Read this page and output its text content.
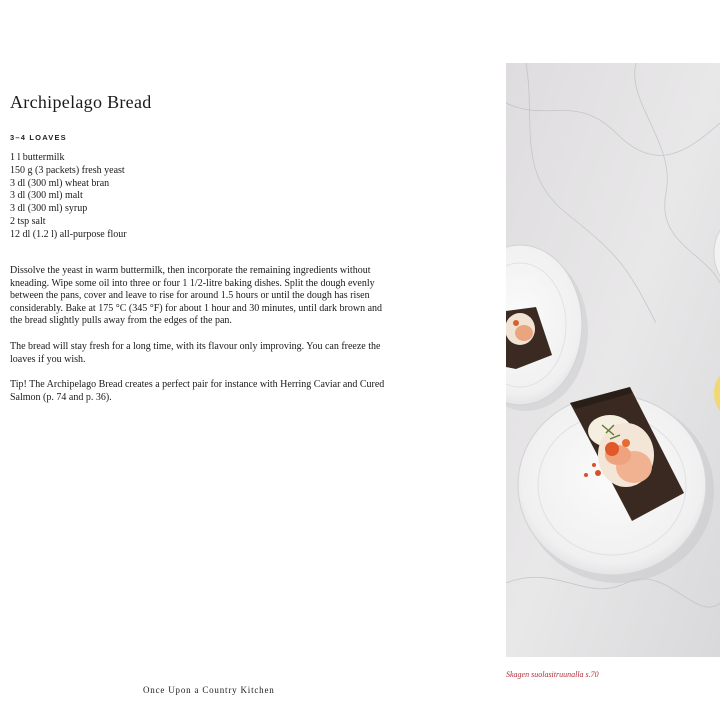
Archipelago Bread
3–4 LOAVES
1 l buttermilk
150 g (3 packets) fresh yeast
3 dl (300 ml) wheat bran
3 dl (300 ml) malt
3 dl (300 ml) syrup
2 tsp salt
12 dl (1.2 l) all-purpose flour

Dissolve the yeast in warm buttermilk, then incorporate the remaining ingredients without kneading. Wipe some oil into three or four 1 1/2-litre baking dishes. Split the dough evenly between the pans, cover and leave to rise for around 1.5 hours or until the dough has risen considerably. Bake at 175 °C (345 °F) for about 1 hour and 30 minutes, until dark brown and the bread slightly pulls away from the edges of the pan.

The bread will stay fresh for a long time, with its flavour only improving. You can freeze the loaves if you wish.

Tip! The Archipelago Bread creates a perfect pair for instance with Herring Caviar and Cured Salmon (p. 74 and p. 36).

Once Upon a Country Kitchen
Skagen suolasitruunalla s.70
